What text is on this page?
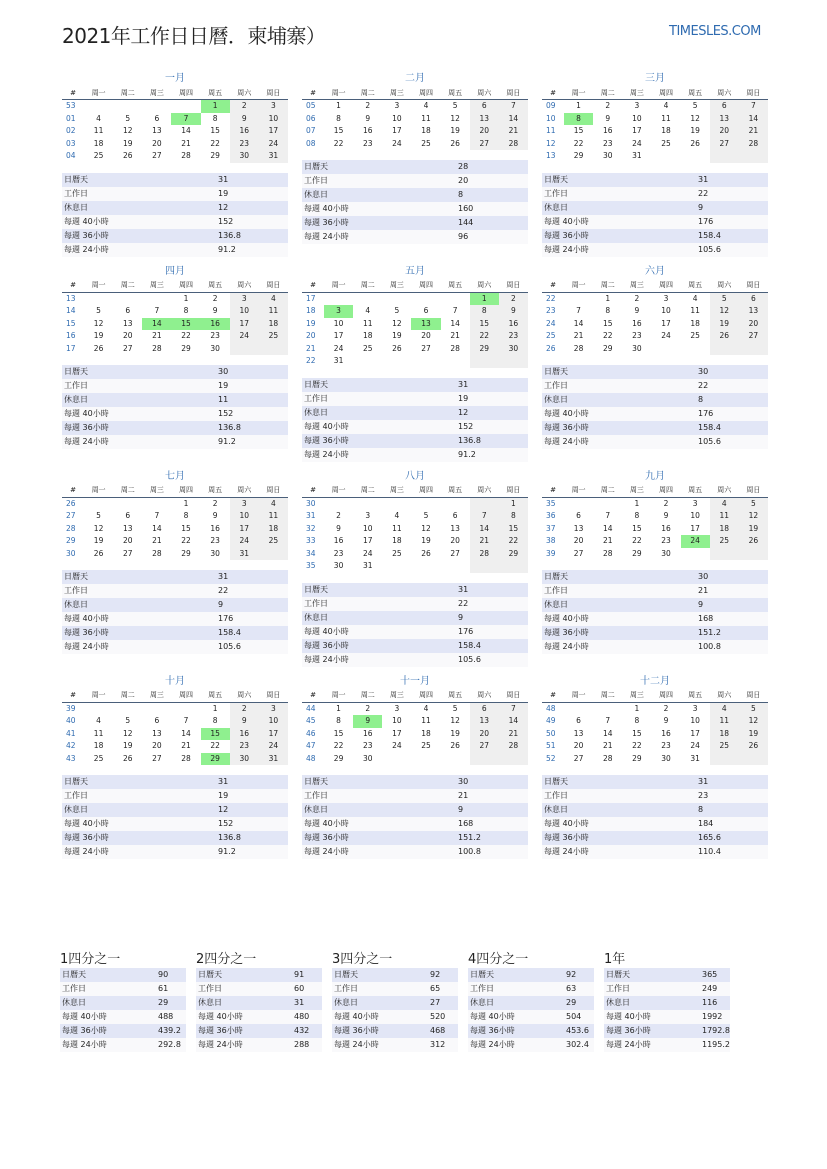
2021年工作日日曆．柬埔寨）	TIMESLES.COM
一月
#	周一	周二	周三	周四	周五	周六	周日
53					1	2	3
01	4	5	6	7	8	9	10
02	11	12	13	14	15	16	17
03	18	19	20	21	22	23	24
04	25	26	27	28	29	30	31
日曆天	31
工作日	19
休息日	12
每週 40小時	152
每週 36小時	136.8
每週 24小時	91.2
二月
#	周一	周二	周三	周四	周五	周六	周日
05	1	2	3	4	5	6	7
06	8	9	10	11	12	13	14
07	15	16	17	18	19	20	21
08	22	23	24	25	26	27	28
日曆天	28
工作日	20
休息日	8
每週 40小時	160
每週 36小時	144
每週 24小時	96
三月
#	周一	周二	周三	周四	周五	周六	周日
09	1	2	3	4	5	6	7
10	8	9	10	11	12	13	14
11	15	16	17	18	19	20	21
12	22	23	24	25	26	27	28
13	29	30	31				
日曆天	31
工作日	22
休息日	9
每週 40小時	176
每週 36小時	158.4
每週 24小時	105.6
四月
#	周一	周二	周三	周四	周五	周六	周日
13				1	2	3	4
14	5	6	7	8	9	10	11
15	12	13	14	15	16	17	18
16	19	20	21	22	23	24	25
17	26	27	28	29	30		
日曆天	30
工作日	19
休息日	11
每週 40小時	152
每週 36小時	136.8
每週 24小時	91.2
五月
#	周一	周二	周三	周四	周五	周六	周日
17						1	2
18	3	4	5	6	7	8	9
19	10	11	12	13	14	15	16
20	17	18	19	20	21	22	23
21	24	25	26	27	28	29	30
22	31						
日曆天	31
工作日	19
休息日	12
每週 40小時	152
每週 36小時	136.8
每週 24小時	91.2
六月
#	周一	周二	周三	周四	周五	周六	周日
22		1	2	3	4	5	6
23	7	8	9	10	11	12	13
24	14	15	16	17	18	19	20
25	21	22	23	24	25	26	27
26	28	29	30				
日曆天	30
工作日	22
休息日	8
每週 40小時	176
每週 36小時	158.4
每週 24小時	105.6
七月
#	周一	周二	周三	周四	周五	周六	周日
26				1	2	3	4
27	5	6	7	8	9	10	11
28	12	13	14	15	16	17	18
29	19	20	21	22	23	24	25
30	26	27	28	29	30	31	
日曆天	31
工作日	22
休息日	9
每週 40小時	176
每週 36小時	158.4
每週 24小時	105.6
八月
#	周一	周二	周三	周四	周五	周六	周日
30							1
31	2	3	4	5	6	7	8
32	9	10	11	12	13	14	15
33	16	17	18	19	20	21	22
34	23	24	25	26	27	28	29
35	30	31					
日曆天	31
工作日	22
休息日	9
每週 40小時	176
每週 36小時	158.4
每週 24小時	105.6
九月
#	周一	周二	周三	周四	周五	周六	周日
35			1	2	3	4	5
36	6	7	8	9	10	11	12
37	13	14	15	16	17	18	19
38	20	21	22	23	24	25	26
39	27	28	29	30			
日曆天	30
工作日	21
休息日	9
每週 40小時	168
每週 36小時	151.2
每週 24小時	100.8
十月
#	周一	周二	周三	周四	周五	周六	周日
39					1	2	3
40	4	5	6	7	8	9	10
41	11	12	13	14	15	16	17
42	18	19	20	21	22	23	24
43	25	26	27	28	29	30	31
日曆天	31
工作日	19
休息日	12
每週 40小時	152
每週 36小時	136.8
每週 24小時	91.2
十一月
#	周一	周二	周三	周四	周五	周六	周日
44	1	2	3	4	5	6	7
45	8	9	10	11	12	13	14
46	15	16	17	18	19	20	21
47	22	23	24	25	26	27	28
48	29	30					
日曆天	30
工作日	21
休息日	9
每週 40小時	168
每週 36小時	151.2
每週 24小時	100.8
十二月
#	周一	周二	周三	周四	周五	周六	周日
48			1	2	3	4	5
49	6	7	8	9	10	11	12
50	13	14	15	16	17	18	19
51	20	21	22	23	24	25	26
52	27	28	29	30	31		
日曆天	31
工作日	23
休息日	8
每週 40小時	184
每週 36小時	165.6
每週 24小時	110.4
1四分之一
日曆天	90
工作日	61
休息日	29
每週 40小時	488
每週 36小時	439.2
每週 24小時	292.8
2四分之一
日曆天	91
工作日	60
休息日	31
每週 40小時	480
每週 36小時	432
每週 24小時	288
3四分之一
日曆天	92
工作日	65
休息日	27
每週 40小時	520
每週 36小時	468
每週 24小時	312
4四分之一
日曆天	92
工作日	63
休息日	29
每週 40小時	504
每週 36小時	453.6
每週 24小時	302.4
1年
日曆天	365
工作日	249
休息日	116
每週 40小時	1992
每週 36小時	1792.8
每週 24小時	1195.2
